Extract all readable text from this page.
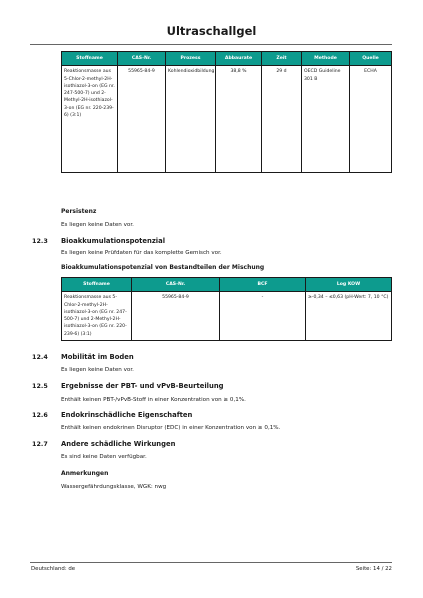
Ultraschallgel
Stoffname	CAS-Nr.	Prozess	Abbaurate	Zeit	Methode	Quelle
Reaktionsmasse aus 5-Chlor-2-methyl-2H-isothiazol-3-on (EG nr. 247-500-7) und 2-Methyl-2H-isothiazol-3-on (EG nr. 220-239-6) (3:1)	55965-84-9	Kohlendioxidbildung	38,8 %	29 d	OECD Guideline 301 B	ECHA
Persistenz
Es liegen keine Daten vor.
12.3 Bioakkumulationspotenzial
Es liegen keine Prüfdaten für das komplette Gemisch vor.
Bioakkumulationspotenzial von Bestandteilen der Mischung
Stoffname	CAS-Nr.	BCF	Log KOW
Reaktionsmasse aus 5-Chlor-2-methyl-2H-isothiazol-3-on (EG nr. 247-500-7) und 2-Methyl-2H-isothiazol-3-on (EG nr. 220-239-6) (3:1)	55965-84-9	-	≥-0,34 – ≤0,63 (pH-Wert: 7, 10 °C)
12.4 Mobilität im Boden
Es liegen keine Daten vor.
12.5 Ergebnisse der PBT- und vPvB-Beurteilung
Enthält keinen PBT-/vPvB-Stoff in einer Konzentration von ≥ 0,1%.
12.6 Endokrinschädliche Eigenschaften
Enthält keinen endokrinen Disruptor (EDC) in einer Konzentration von ≥ 0,1%.
12.7 Andere schädliche Wirkungen
Es sind keine Daten verfügbar.
Anmerkungen
Wassergefährdungsklasse, WGK: nwg
Deutschland: de	Seite: 14 / 22
